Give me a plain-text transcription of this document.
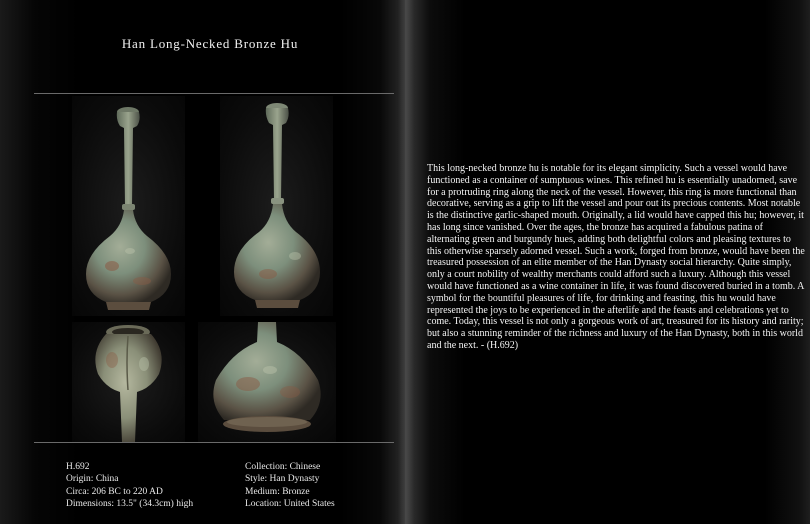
Han Long-Necked Bronze Hu
H.692
Origin: China
Circa: 206 BC to 220 AD
Dimensions: 13.5" (34.3cm) high
Collection: Chinese
Style: Han Dynasty
Medium: Bronze
Location: United States
This long-necked bronze hu is notable for its elegant simplicity. Such a vessel would have functioned as a container of sumptuous wines. This refined hu is essentially unadorned, save for a protruding ring along the neck of the vessel. However, this ring is more functional than decorative, serving as a grip to lift the vessel and pour out its precious contents. Most notable is the distinctive garlic-shaped mouth. Originally, a lid would have capped this hu; however, it has long since vanished. Over the ages, the bronze has acquired a fabulous patina of alternating green and burgundy hues, adding both delightful colors and pleasing textures to this otherwise sparsely adorned vessel. Such a work, forged from bronze, would have been the treasured possession of an elite member of the Han Dynasty social hierarchy. Quite simply, only a court nobility of wealthy merchants could afford such a luxury. Although this vessel would have functioned as a wine container in life, it was found discovered buried in a tomb. A symbol for the bountiful pleasures of life, for drinking and feasting, this hu would have represented the joys to be experienced in the afterlife and the feasts and celebrations yet to come. Today, this vessel is not only a gorgeous work of art, treasured for its history and rarity; but also a stunning reminder of the richness and luxury of the Han Dynasty, both in this world and the next. - (H.692)
